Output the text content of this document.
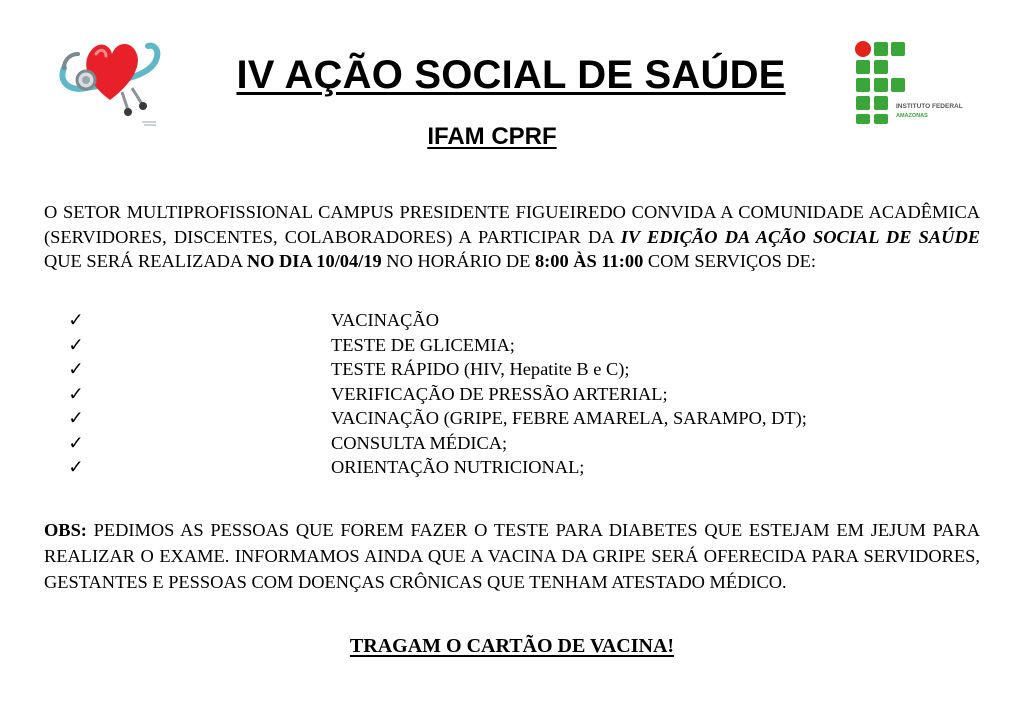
INSTITUTO FEDERAL
AMAZONAS
IV AÇÃO SOCIAL DE SAÚDE
IFAM CPRF

O SETOR MULTIPROFISSIONAL CAMPUS PRESIDENTE FIGUEIREDO CONVIDA A COMUNIDADE ACADÊMICA (SERVIDORES, DISCENTES, COLABORADORES) A PARTICIPAR DA IV EDIÇÃO DA AÇÃO SOCIAL DE SAÚDE QUE SERÁ REALIZADA NO DIA 10/04/19 NO HORÁRIO DE 8:00 ÀS 11:00 COM SERVIÇOS DE:

✓	VACINAÇÃO
✓	TESTE DE GLICEMIA;
✓	TESTE RÁPIDO (HIV, Hepatite B e C);
✓	VERIFICAÇÃO DE PRESSÃO ARTERIAL;
✓	VACINAÇÃO (GRIPE, FEBRE AMARELA, SARAMPO, DT);
✓	CONSULTA MÉDICA;
✓	ORIENTAÇÃO NUTRICIONAL;

OBS: PEDIMOS AS PESSOAS QUE FOREM FAZER O TESTE PARA DIABETES QUE ESTEJAM EM JEJUM PARA REALIZAR O EXAME. INFORMAMOS AINDA QUE A VACINA DA GRIPE SERÁ OFERECIDA PARA SERVIDORES, GESTANTES E PESSOAS COM DOENÇAS CRÔNICAS QUE TENHAM ATESTADO MÉDICO.

TRAGAM O CARTÃO DE VACINA!
